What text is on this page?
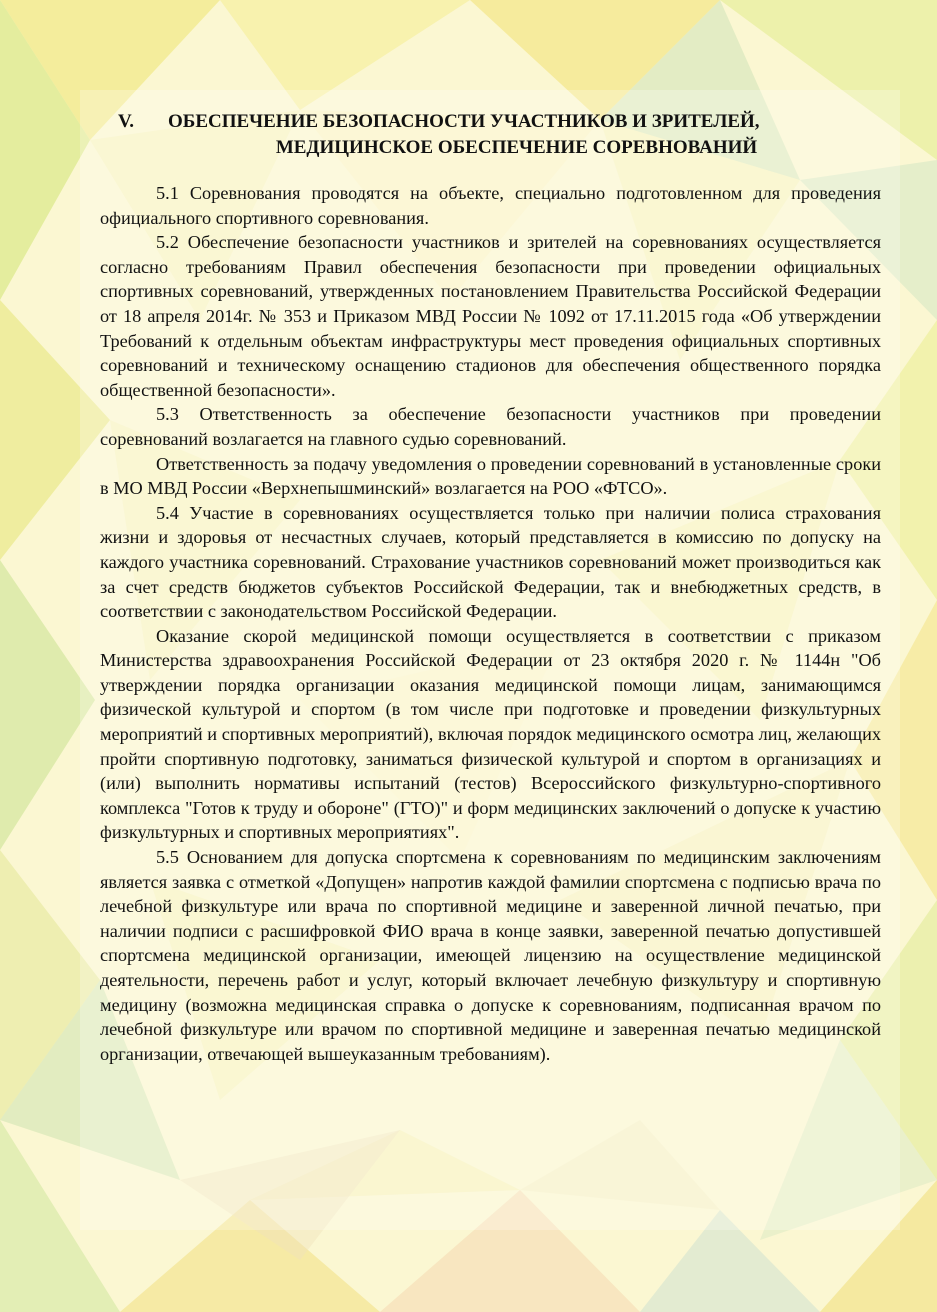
V.	ОБЕСПЕЧЕНИЕ БЕЗОПАСНОСТИ УЧАСТНИКОВ И ЗРИТЕЛЕЙ,
МЕДИЦИНСКОЕ ОБЕСПЕЧЕНИЕ СОРЕВНОВАНИЙ

5.1 Соревнования проводятся на объекте, специально подготовленном для проведения официального спортивного соревнования.

5.2 Обеспечение безопасности участников и зрителей на соревнованиях осуществляется согласно требованиям Правил обеспечения безопасности при проведении официальных спортивных соревнований, утвержденных постановлением Правительства Российской Федерации от 18 апреля 2014г. № 353 и Приказом МВД России № 1092 от 17.11.2015 года «Об утверждении Требований к отдельным объектам инфраструктуры мест проведения официальных спортивных соревнований и техническому оснащению стадионов для обеспечения общественного порядка общественной безопасности».

5.3 Ответственность за обеспечение безопасности участников при проведении соревнований возлагается на главного судью соревнований.

Ответственность за подачу уведомления о проведении соревнований в установленные сроки в МО МВД России «Верхнепышминский» возлагается на РОО «ФТСО».

5.4 Участие в соревнованиях осуществляется только при наличии полиса страхования жизни и здоровья от несчастных случаев, который представляется в комиссию по допуску на каждого участника соревнований. Страхование участников соревнований может производиться как за счет средств бюджетов субъектов Российской Федерации, так и внебюджетных средств, в соответствии с законодательством Российской Федерации.

Оказание скорой медицинской помощи осуществляется в соответствии с приказом Министерства здравоохранения Российской Федерации от 23 октября 2020 г. № 1144н "Об утверждении порядка организации оказания медицинской помощи лицам, занимающимся физической культурой и спортом (в том числе при подготовке и проведении физкультурных мероприятий и спортивных мероприятий), включая порядок медицинского осмотра лиц, желающих пройти спортивную подготовку, заниматься физической культурой и спортом в организациях и (или) выполнить нормативы испытаний (тестов) Всероссийского физкультурно-спортивного комплекса "Готов к труду и обороне" (ГТО)" и форм медицинских заключений о допуске к участию физкультурных и спортивных мероприятиях".

5.5 Основанием для допуска спортсмена к соревнованиям по медицинским заключениям является заявка с отметкой «Допущен» напротив каждой фамилии спортсмена с подписью врача по лечебной физкультуре или врача по спортивной медицине и заверенной личной печатью, при наличии подписи с расшифровкой ФИО врача в конце заявки, заверенной печатью допустившей спортсмена медицинской организации, имеющей лицензию на осуществление медицинской деятельности, перечень работ и услуг, который включает лечебную физкультуру и спортивную медицину (возможна медицинская справка о допуске к соревнованиям, подписанная врачом по лечебной физкультуре или врачом по спортивной медицине и заверенная печатью медицинской организации, отвечающей вышеуказанным требованиям).
